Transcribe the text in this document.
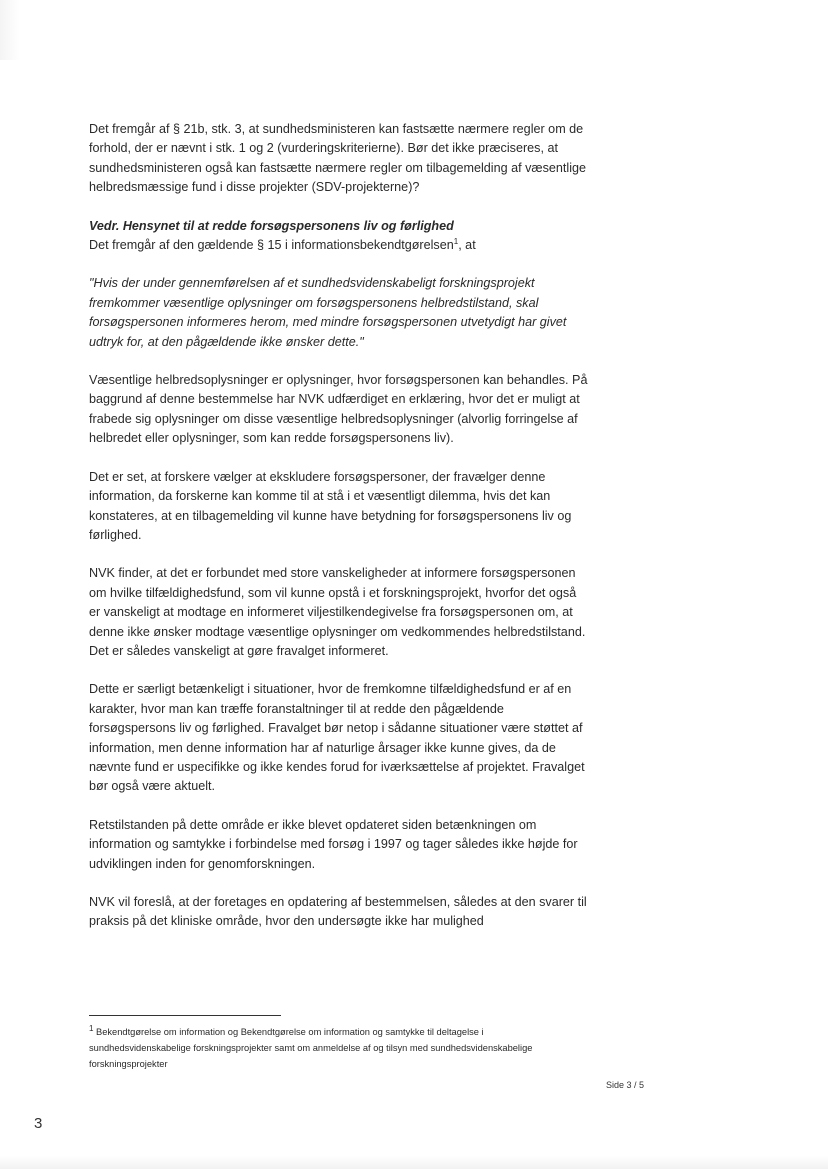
Det fremgår af § 21b, stk. 3, at sundhedsministeren kan fastsætte nærmere regler om de forhold, der er nævnt i stk. 1 og 2 (vurderingskriterierne). Bør det ikke præciseres, at sundhedsministeren også kan fastsætte nærmere regler om tilbagemelding af væsentlige helbredsmæssige fund i disse projekter (SDV-projekterne)?

Vedr. Hensynet til at redde forsøgspersonens liv og førlighed

Det fremgår af den gældende § 15 i informationsbekendtgørelsen$^1$, at

"Hvis der under gennemførelsen af et sundhedsvidenskabeligt forskningsprojekt fremkommer væsentlige oplysninger om forsøgspersonens helbredstilstand, skal forsøgspersonen informeres herom, med mindre forsøgspersonen utvetydigt har givet udtryk for, at den pågældende ikke ønsker dette."

Væsentlige helbredsoplysninger er oplysninger, hvor forsøgspersonen kan behandles. På baggrund af denne bestemmelse har NVK udfærdiget en erklæring, hvor det er muligt at frabede sig oplysninger om disse væsentlige helbredsoplysninger (alvorlig forringelse af helbredet eller oplysninger, som kan redde forsøgspersonens liv).

Det er set, at forskere vælger at ekskludere forsøgspersoner, der fravælger denne information, da forskerne kan komme til at stå i et væsentligt dilemma, hvis det kan konstateres, at en tilbagemelding vil kunne have betydning for forsøgspersonens liv og førlighed.

NVK finder, at det er forbundet med store vanskeligheder at informere forsøgspersonen om hvilke tilfældighedsfund, som vil kunne opstå i et forskningsprojekt, hvorfor det også er vanskeligt at modtage en informeret viljestilkendegivelse fra forsøgspersonen om, at denne ikke ønsker modtage væsentlige oplysninger om vedkommendes helbredstilstand. Det er således vanskeligt at gøre fravalget informeret.

Dette er særligt betænkeligt i situationer, hvor de fremkomne tilfældighedsfund er af en karakter, hvor man kan træffe foranstaltninger til at redde den pågældende forsøgspersons liv og førlighed. Fravalget bør netop i sådanne situationer være støttet af information, men denne information har af naturlige årsager ikke kunne gives, da de nævnte fund er uspecifikke og ikke kendes forud for iværksættelse af projektet. Fravalget bør også være aktuelt.

Retstilstanden på dette område er ikke blevet opdateret siden betænkningen om information og samtykke i forbindelse med forsøg i 1997 og tager således ikke højde for udviklingen inden for genomforskningen.

NVK vil foreslå, at der foretages en opdatering af bestemmelsen, således at den svarer til praksis på det kliniske område, hvor den undersøgte ikke har mulighed

$^1$ Bekendtgørelse om information og Bekendtgørelse om information og samtykke til deltagelse i sundhedsvidenskabelige forskningsprojekter samt om anmeldelse af og tilsyn med sundhedsvidenskabelige forskningsprojekter
Side 3 / 5
3
